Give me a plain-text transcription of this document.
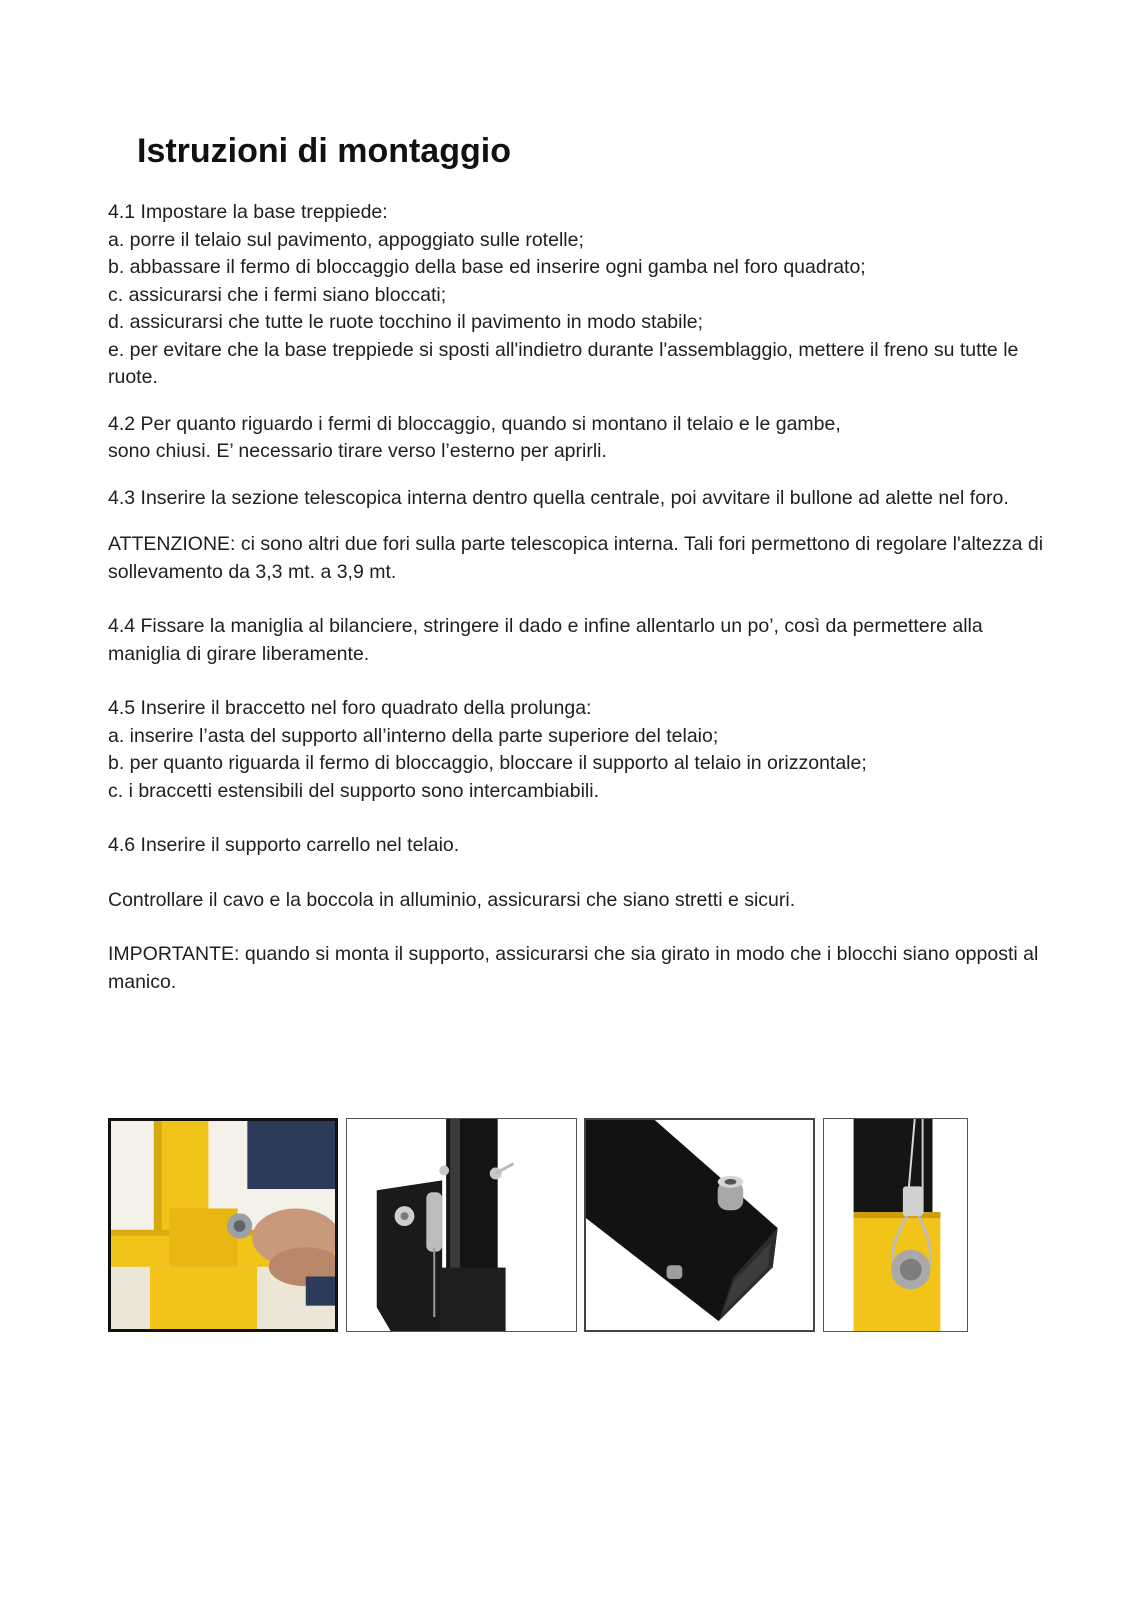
Istruzioni di montaggio

4.1 Impostare la base treppiede:

a. porre il telaio sul pavimento, appoggiato sulle rotelle;

b. abbassare il fermo di bloccaggio della base ed inserire ogni gamba nel foro quadrato;

c. assicurarsi che i fermi siano bloccati;

d. assicurarsi che tutte le ruote tocchino il pavimento in modo stabile;

e. per evitare che la base treppiede si sposti all'indietro durante l'assemblaggio, mettere il freno su tutte le ruote.

4.2 Per quanto riguardo i fermi di bloccaggio, quando si montano il telaio e le gambe,

sono chiusi. E’ necessario tirare verso l’esterno per aprirli.

4.3 Inserire la sezione telescopica interna dentro quella centrale, poi avvitare il bullone ad alette nel foro.

ATTENZIONE: ci sono altri due fori sulla parte telescopica interna. Tali fori permettono di regolare l'altezza di sollevamento da 3,3 mt. a 3,9 mt.

4.4 Fissare la maniglia al bilanciere, stringere il dado e infine allentarlo un po’, così da permettere alla maniglia di girare liberamente.

4.5 Inserire il braccetto nel foro quadrato della prolunga:

a. inserire l’asta del supporto all’interno della parte superiore del telaio;

b. per quanto riguarda il fermo di bloccaggio, bloccare il supporto al telaio in orizzontale;

c. i braccetti estensibili del supporto sono intercambiabili.

4.6 Inserire il supporto carrello nel telaio.

Controllare il cavo e la boccola in alluminio, assicurarsi che siano stretti e sicuri.

IMPORTANTE: quando si monta il supporto, assicurarsi che sia girato in modo che i blocchi siano opposti al manico.
